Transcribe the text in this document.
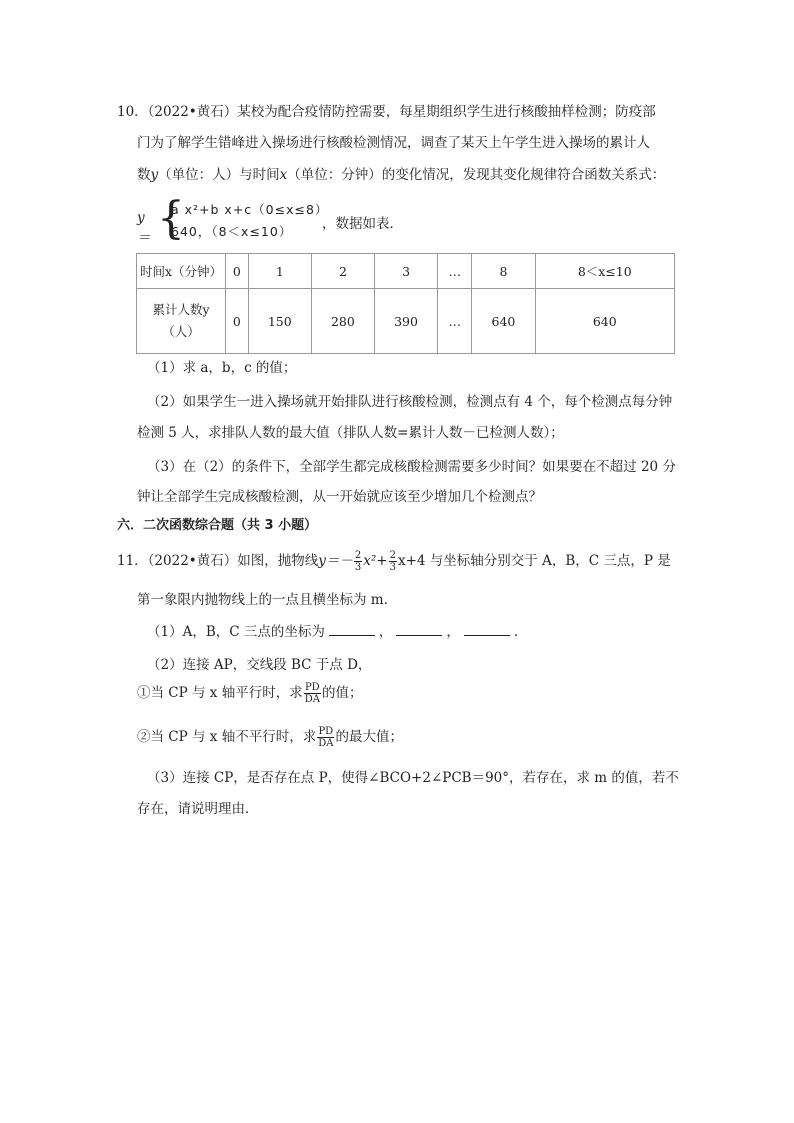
10．（2022•黄石）某校为配合疫情防控需要，每星期组织学生进行核酸抽样检测；防疫部
门为了解学生错峰进入操场进行核酸检测情况，调查了某天上午学生进入操场的累计人
数y（单位：人）与时间x（单位：分钟）的变化情况，发现其变化规律符合函数关系式：
y＝ {
a x²+b x+c（0≤x≤8）
640，（8＜x≤10） ，数据如表．
时间x（分钟）	0	1	2	3	…	8	8＜x≤10

累计人数y
（人）	0	150	280	390	…	640	640
（1）求 a，b，c 的值；
（2）如果学生一进入操场就开始排队进行核酸检测，检测点有 4 个，每个检测点每分钟
检测 5 人，求排队人数的最大值（排队人数=累计人数－已检测人数）；
（3）在（2）的条件下，全部学生都完成核酸检测需要多少时间？如果要在不超过 20 分
钟让全部学生完成核酸检测，从一开始就应该至少增加几个检测点？
六．二次函数综合题（共 3 小题）
11．（2022•黄石）如图，抛物线$y=- \frac{2}{3} x^2+ \frac{2}{3} x+4$ 与坐标轴分别交于 A，B，C 三点，P 是
第一象限内抛物线上的一点且横坐标为 m．
（1）A，B，C 三点的坐标为	，	，	．
（2）连接 AP，交线段 BC 于点 D，
①当 CP 与 x 轴平行时，求 $\frac{PD}{DA}$ 的值；
②当 CP 与 x 轴不平行时，求 $\frac{PD}{DA}$ 的最大值；
（3）连接 CP，是否存在点 P，使得∠BCO+2∠PCB＝90°，若存在，求 m 的值，若不
存在，请说明理由．
